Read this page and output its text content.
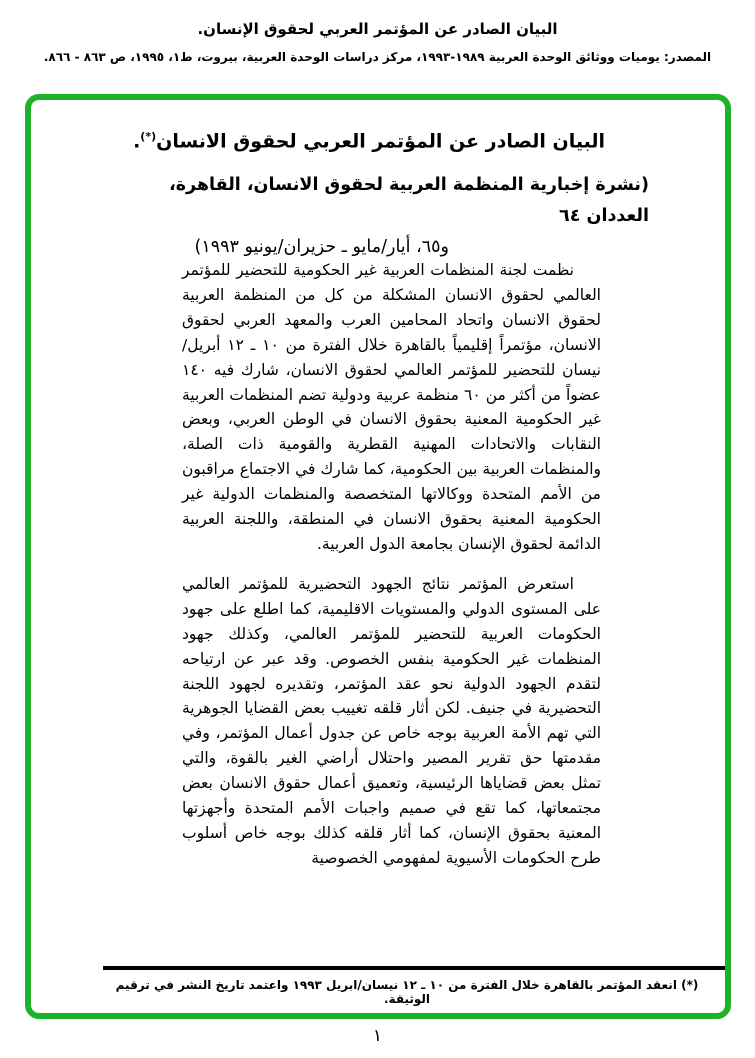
البيان الصادر عن المؤتمر العربي لحقوق الإنسان.
المصدر: يوميات ووثائق الوحدة العربية ١٩٨٩-١٩٩٣، مركز دراسات الوحدة العربية، بيروت، ط١، ١٩٩٥، ص ٨٦٣ - ٨٦٦.
البيان الصادر عن المؤتمر العربي لحقوق الانسان(*).
(نشرة إخبارية المنظمة العربية لحقوق الانسان، القاهرة، العددان ٦٤
و٦٥، أيار/مايو ـ حزيران/يونيو ١٩٩٣)

نظمت لجنة المنظمات العربية غير الحكومية للتحضير للمؤتمر العالمي لحقوق الانسان المشكلة من كل من المنظمة العربية لحقوق الانسان واتحاد المحامين العرب والمعهد العربي لحقوق الانسان، مؤتمراً إقليمياً بالقاهرة خلال الفترة من ١٠ ـ ١٢ أبريل/نيسان للتحضير للمؤتمر العالمي لحقوق الانسان، شارك فيه ١٤٠ عضواً من أكثر من ٦٠ منظمة عربية ودولية تضم المنظمات العربية غير الحكومية المعنية بحقوق الانسان في الوطن العربي، وبعض النقابات والاتحادات المهنية القطرية والقومية ذات الصلة، والمنظمات العربية بين الحكومية، كما شارك في الاجتماع مراقبون من الأمم المتحدة ووكالاتها المتخصصة والمنظمات الدولية غير الحكومية المعنية بحقوق الانسان في المنطقة، واللجنة العربية الدائمة لحقوق الإنسان بجامعة الدول العربية.

استعرض المؤتمر نتائج الجهود التحضيرية للمؤتمر العالمي على المستوى الدولي والمستويات الاقليمية، كما اطلع على جهود الحكومات العربية للتحضير للمؤتمر العالمي، وكذلك جهود المنظمات غير الحكومية بنفس الخصوص. وقد عبر عن ارتياحه لتقدم الجهود الدولية نحو عقد المؤتمر، وتقديره لجهود اللجنة التحضيرية في جنيف. لكن أثار قلقه تغييب بعض القضايا الجوهرية التي تهم الأمة العربية بوجه خاص عن جدول أعمال المؤتمر، وفي مقدمتها حق تقرير المصير واحتلال أراضي الغير بالقوة، والتي تمثل بعض قضاياها الرئيسية، وتعميق أعمال حقوق الانسان بعض مجتمعاتها، كما تقع في صميم واجبات الأمم المتحدة وأجهزتها المعنية بحقوق الإنسان، كما أثار قلقه كذلك بوجه خاص أسلوب طرح الحكومات الأسيوية لمفهومي الخصوصية

(*) انعقد المؤتمر بالقاهرة خلال الفترة من ١٠ ـ ١٢ نيسان/ابريل ١٩٩٣ واعتمد تاريخ النشر في ترقيم الوثيقة.
١
